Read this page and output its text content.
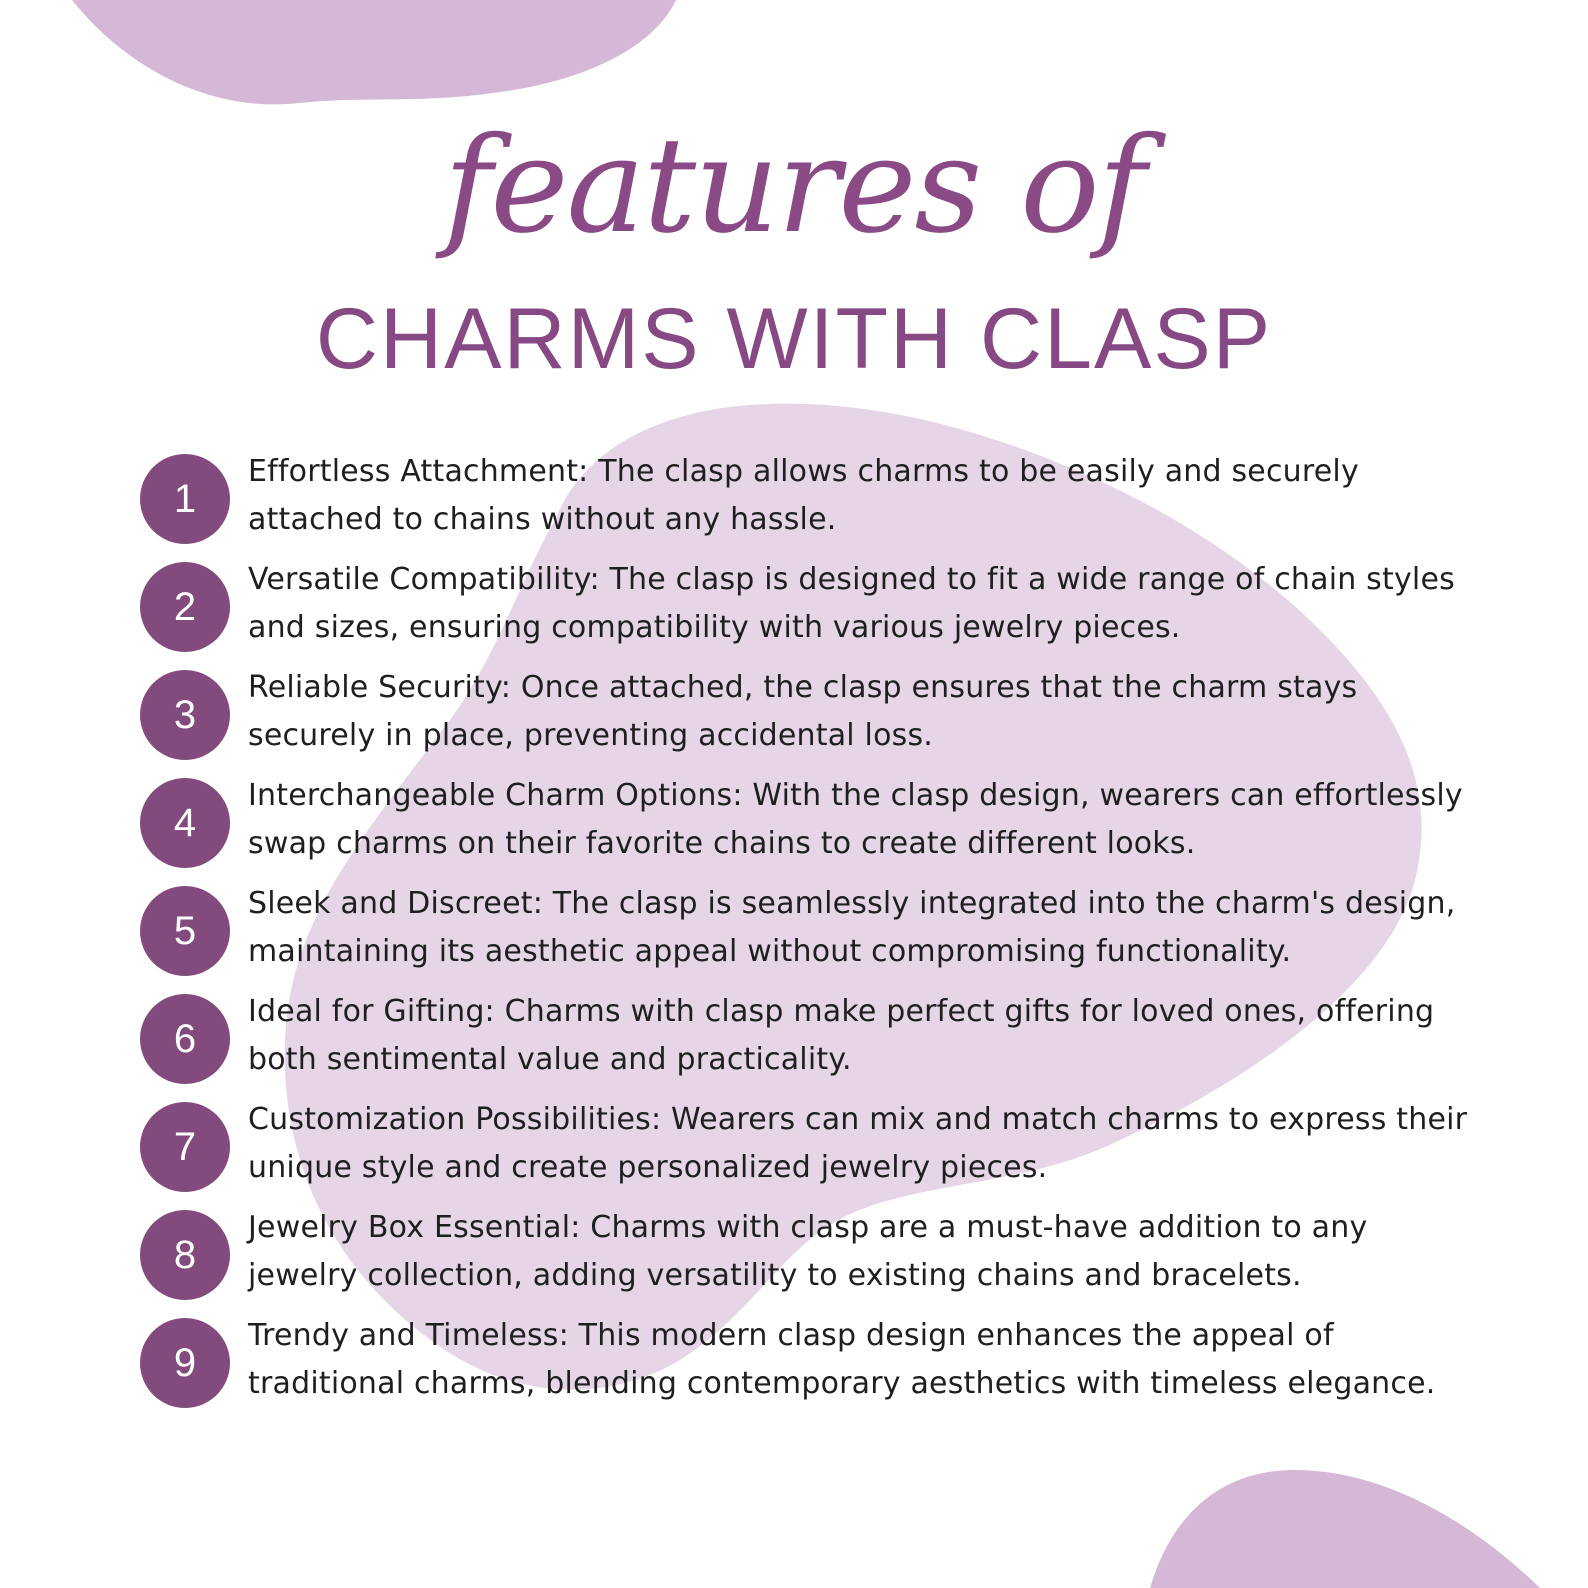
features of
CHARMS WITH CLASP
1
Effortless Attachment: The clasp allows charms to be easily and securely attached to chains without any hassle.
2
Versatile Compatibility: The clasp is designed to fit a wide range of chain styles and sizes, ensuring compatibility with various jewelry pieces.
3
Reliable Security: Once attached, the clasp ensures that the charm stays securely in place, preventing accidental loss.
4
Interchangeable Charm Options: With the clasp design, wearers can effortlessly swap charms on their favorite chains to create different looks.
5
Sleek and Discreet: The clasp is seamlessly integrated into the charm's design, maintaining its aesthetic appeal without compromising functionality.
6
Ideal for Gifting: Charms with clasp make perfect gifts for loved ones, offering both sentimental value and practicality.
7
Customization Possibilities: Wearers can mix and match charms to express their unique style and create personalized jewelry pieces.
8
Jewelry Box Essential: Charms with clasp are a must-have addition to any jewelry collection, adding versatility to existing chains and bracelets.
9
Trendy and Timeless: This modern clasp design enhances the appeal of traditional charms, blending contemporary aesthetics with timeless elegance.
